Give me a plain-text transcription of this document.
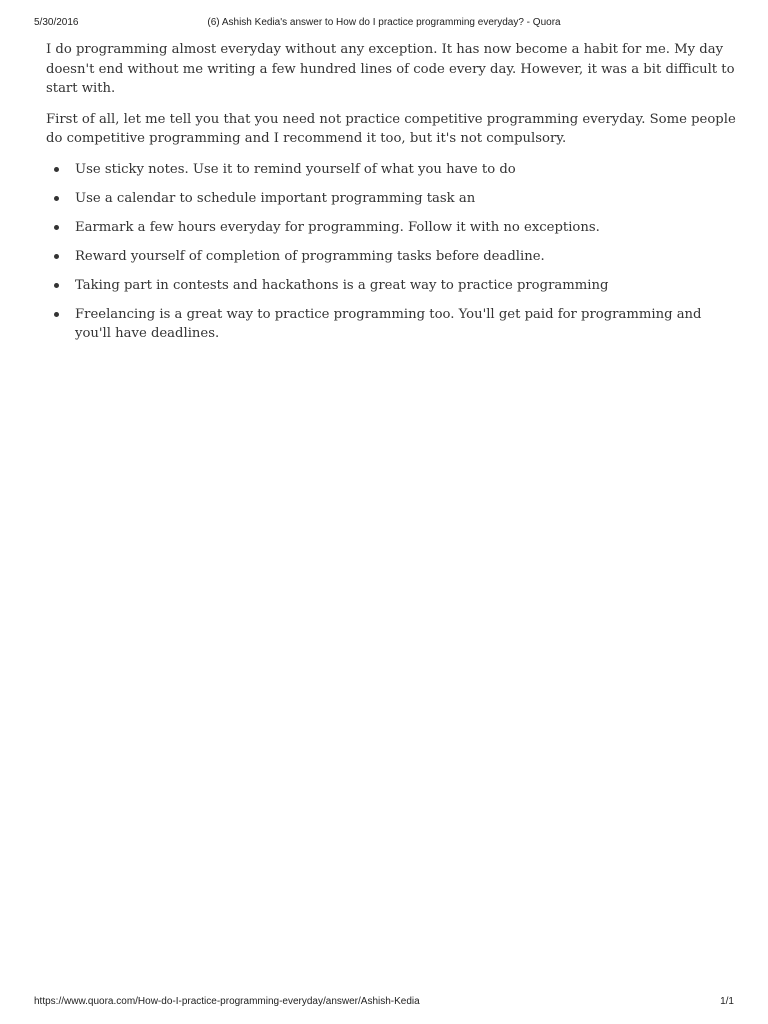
5/30/2016	(6) Ashish Kedia's answer to How do I practice programming everyday? - Quora

I do programming almost everyday without any exception. It has now become a habit for me. My day doesn't end without me writing a few hundred lines of code every day. However, it was a bit difficult to start with.

First of all, let me tell you that you need not practice competitive programming everyday. Some people do competitive programming and I recommend it too, but it's not compulsory.

Use sticky notes. Use it to remind yourself of what you have to do
Use a calendar to schedule important programming task an
Earmark a few hours everyday for programming. Follow it with no exceptions.
Reward yourself of completion of programming tasks before deadline.
Taking part in contests and hackathons is a great way to practice programming
Freelancing is a great way to practice programming too. You'll get paid for programming and you'll have deadlines.
https://www.quora.com/How-do-I-practice-programming-everyday/answer/Ashish-Kedia	1/1
